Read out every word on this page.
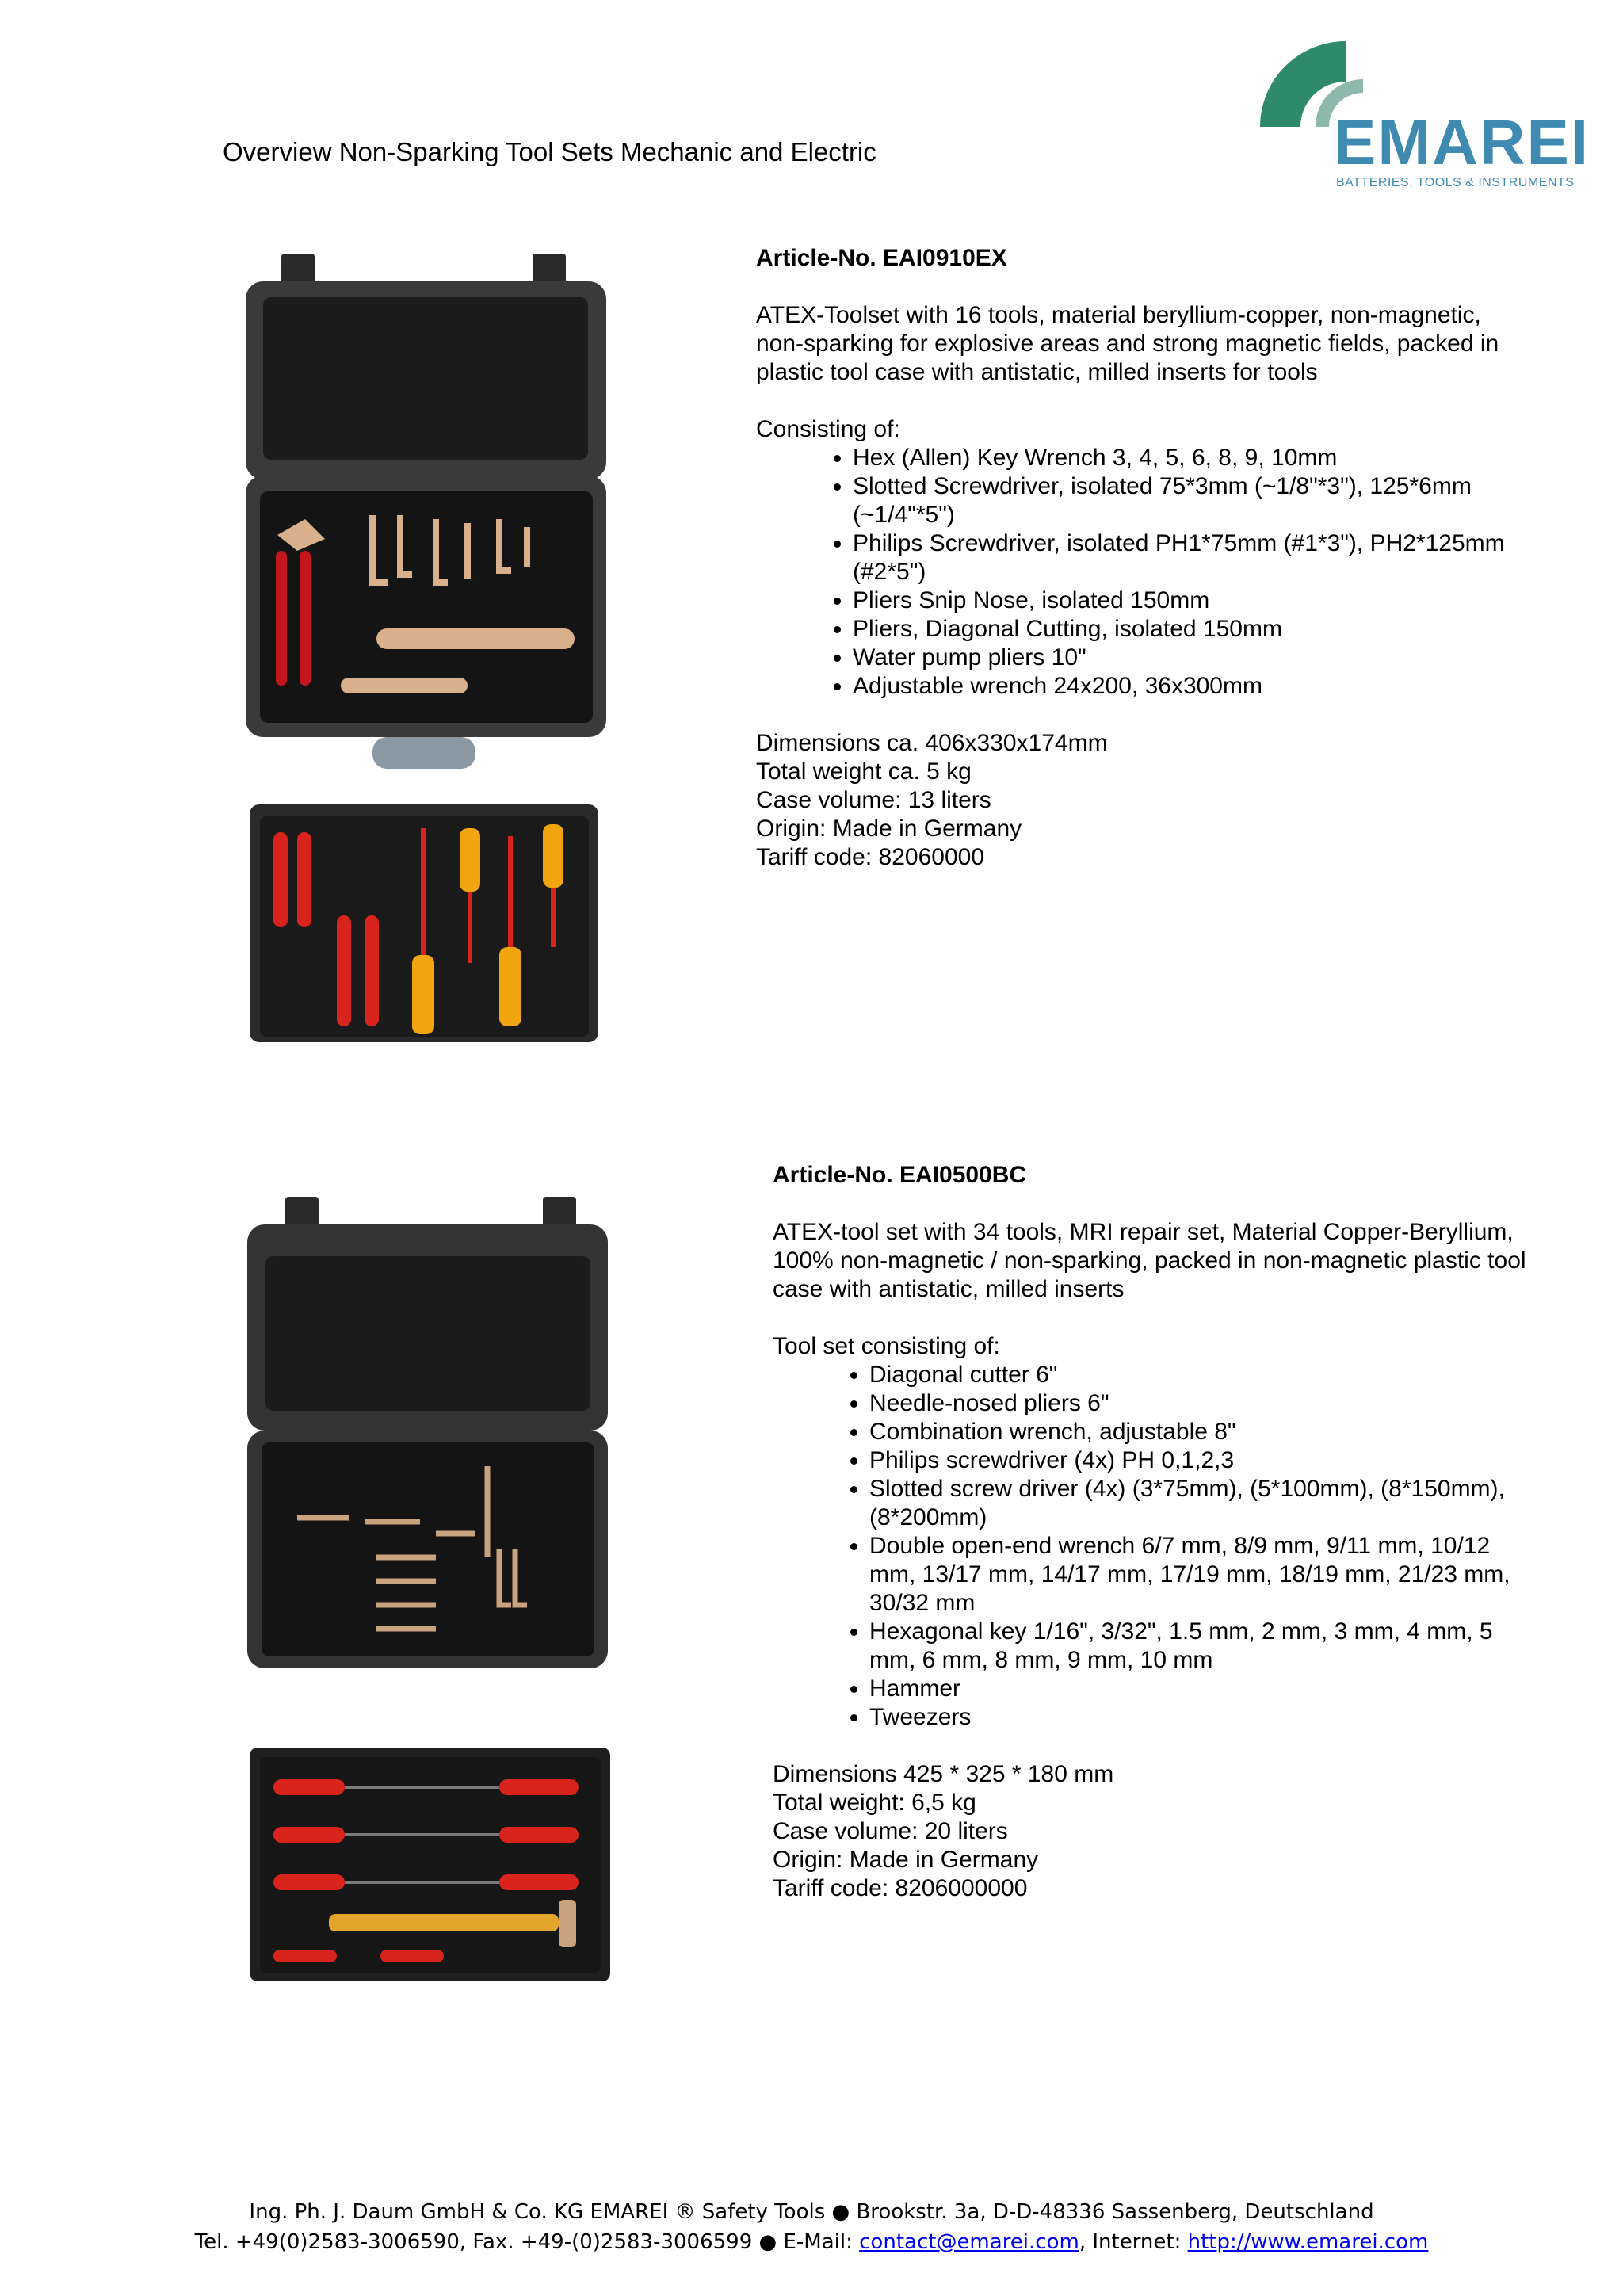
Overview Non-Sparking Tool Sets Mechanic and Electric	EMAREI
BATTERIES, TOOLS & INSTRUMENTS
Article-No. EAI0910EX

ATEX-Toolset with 16 tools, material beryllium-copper, non-magnetic, non-sparking for explosive areas and strong magnetic fields, packed in plastic tool case with antistatic, milled inserts for tools

Consisting of:
• Hex (Allen) Key Wrench 3, 4, 5, 6, 8, 9, 10mm
• Slotted Screwdriver, isolated 75*3mm (~1/8"*3"), 125*6mm (~1/4"*5")
• Philips Screwdriver, isolated PH1*75mm (#1*3"), PH2*125mm (#2*5")
• Pliers Snip Nose, isolated 150mm
• Pliers, Diagonal Cutting, isolated 150mm
• Water pump pliers 10"
• Adjustable wrench 24x200, 36x300mm
Dimensions ca. 406x330x174mm
Total weight ca. 5 kg
Case volume: 13 liters
Origin: Made in Germany
Tariff code: 82060000
Article-No. EAI0500BC

ATEX-tool set with 34 tools, MRI repair set, Material Copper-Beryllium, 100% non-magnetic / non-sparking, packed in non-magnetic plastic tool case with antistatic, milled inserts

Tool set consisting of:
• Diagonal cutter 6"
• Needle-nosed pliers 6"
• Combination wrench, adjustable 8"
• Philips screwdriver (4x) PH 0,1,2,3
• Slotted screw driver (4x) (3*75mm), (5*100mm), (8*150mm), (8*200mm)
• Double open-end wrench 6/7 mm, 8/9 mm, 9/11 mm, 10/12 mm, 13/17 mm, 14/17 mm, 17/19 mm, 18/19 mm, 21/23 mm, 30/32 mm
• Hexagonal key 1/16", 3/32", 1.5 mm, 2 mm, 3 mm, 4 mm, 5 mm, 6 mm, 8 mm, 9 mm, 10 mm
• Hammer
• Tweezers
Dimensions 425 * 325 * 180 mm
Total weight: 6,5 kg
Case volume: 20 liters
Origin: Made in Germany
Tariff code: 8206000000
Ing. Ph. J. Daum GmbH & Co. KG EMAREI ® Safety Tools ● Brookstr. 3a, D-D-48336 Sassenberg, Deutschland
Tel. +49(0)2583-3006590, Fax. +49-(0)2583-3006599 ● E-Mail: contact@emarei.com, Internet: http://www.emarei.com
